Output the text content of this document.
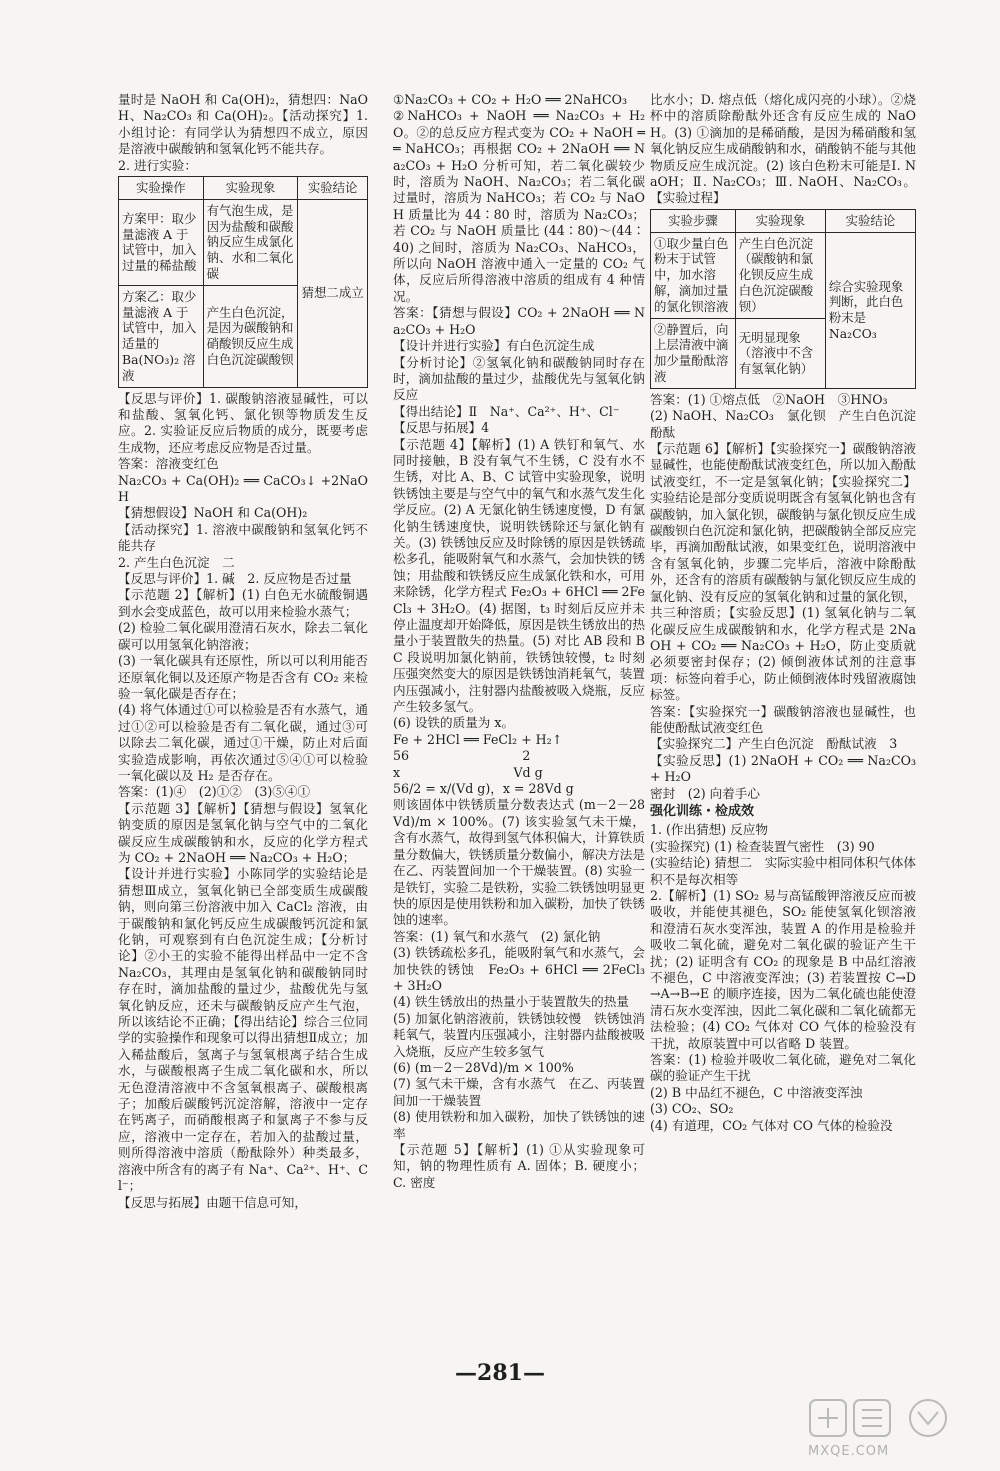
量时是 NaOH 和 Ca(OH)₂，猜想四：NaOH、Na₂CO₃ 和 Ca(OH)₂。【活动探究】1. 小组讨论：有同学认为猜想四不成立，原因是溶液中碳酸钠和氢氧化钙不能共存。
2. 进行实验：

实验操作	实验现象	实验结论
方案甲：取少量滤液 A 于试管中，加入过量的稀盐酸	有气泡生成，是因为盐酸和碳酸钠反应生成氯化钠、水和二氧化碳	猜想二成立
方案乙：取少量滤液 A 于试管中，加入适量的 Ba(NO₃)₂ 溶液	产生白色沉淀，是因为碳酸钠和硝酸钡反应生成白色沉淀碳酸钡	

【反思与评价】1. 碳酸钠溶液显碱性，可以和盐酸、氢氧化钙、氯化钡等物质发生反应。2. 实验证反应后物质的成分，既要考虑生成物，还应考虑反应物是否过量。
答案：溶液变红色
Na₂CO₃ + Ca(OH)₂ ══ CaCO₃↓ +2NaOH
【猜想假设】NaOH 和 Ca(OH)₂
【活动探究】1. 溶液中碳酸钠和氢氧化钙不能共存
2. 产生白色沉淀　二
【反思与评价】1. 碱　2. 反应物是否过量
【示范题 2】【解析】(1) 白色无水硫酸铜遇到水会变成蓝色，故可以用来检验水蒸气；
(2) 检验二氧化碳用澄清石灰水，除去二氧化碳可以用氢氧化钠溶液；
(3) 一氧化碳具有还原性，所以可以利用能否还原氧化铜以及还原产物是否含有 CO₂ 来检验一氧化碳是否存在；
(4) 将气体通过①可以检验是否有水蒸气，通过①②可以检验是否有二氧化碳，通过③可以除去二氧化碳，通过①干燥，防止对后面实验造成影响，再依次通过⑤④①可以检验一氧化碳以及 H₂ 是否存在。
答案：(1)④　(2)①②　(3)⑤④①
【示范题 3】【解析】【猜想与假设】氢氧化钠变质的原因是氢氧化钠与空气中的二氧化碳反应生成碳酸钠和水，反应的化学方程式为 CO₂ + 2NaOH ══ Na₂CO₃ + H₂O；
【设计并进行实验】小陈同学的实验结论是猜想Ⅲ成立，氢氧化钠已全部变质生成碳酸钠，则向第三份溶液中加入 CaCl₂ 溶液，由于碳酸钠和氯化钙反应生成碳酸钙沉淀和氯化钠，可观察到有白色沉淀生成；【分析讨论】②小王的实验不能得出样品中一定不含 Na₂CO₃，其理由是氢氧化钠和碳酸钠同时存在时，滴加盐酸的量过少，盐酸优先与氢氧化钠反应，还未与碳酸钠反应产生气泡，所以该结论不正确；【得出结论】综合三位同学的实验操作和现象可以得出猜想Ⅱ成立；加入稀盐酸后，氢离子与氢氧根离子结合生成水，与碳酸根离子生成二氧化碳和水，所以无色澄清溶液中不含氢氧根离子、碳酸根离子；加酸后碳酸钙沉淀溶解，溶液中一定存在钙离子，而硝酸根离子和氯离子不参与反应，溶液中一定存在，若加入的盐酸过量，则所得溶液中溶质（酚酞除外）种类最多，溶液中所含有的离子有 Na⁺、Ca²⁺、H⁺、Cl⁻；
【反思与拓展】由题干信息可知，

①Na₂CO₃ + CO₂ + H₂O ══ 2NaHCO₃
②NaHCO₃ + NaOH ══ Na₂CO₃ + H₂O。②的总反应方程式变为 CO₂ + NaOH ══ NaHCO₃；再根据 CO₂ + 2NaOH ══ Na₂CO₃ + H₂O 分析可知，若二氧化碳较少时，溶质为 NaOH、Na₂CO₃；若二氧化碳过量时，溶质为 NaHCO₃；若 CO₂ 与 NaOH 质量比为 44∶80 时，溶质为 Na₂CO₃；若 CO₂ 与 NaOH 质量比 (44∶80)～(44∶40) 之间时，溶质为 Na₂CO₃、NaHCO₃，所以向 NaOH 溶液中通入一定量的 CO₂ 气体，反应后所得溶液中溶质的组成有 4 种情况。
答案：【猜想与假设】CO₂ + 2NaOH ══ Na₂CO₃ + H₂O
【设计并进行实验】有白色沉淀生成
【分析讨论】②氢氧化钠和碳酸钠同时存在时，滴加盐酸的量过少，盐酸优先与氢氧化钠反应
【得出结论】Ⅱ　Na⁺、Ca²⁺、H⁺、Cl⁻
【反思与拓展】4
【示范题 4】【解析】(1) A 铁钉和氧气、水同时接触，B 没有氧气不生锈，C 没有水不生锈，对比 A、B、C 试管中实验现象，说明铁锈蚀主要是与空气中的氧气和水蒸气发生化学反应。(2) A 无氯化钠生锈速度慢，D 有氯化钠生锈速度快，说明铁锈除还与氯化钠有关。(3) 铁锈蚀反应及时除锈的原因是铁锈疏松多孔，能吸附氧气和水蒸气，会加快铁的锈蚀；用盐酸和铁锈反应生成氯化铁和水，可用来除锈，化学方程式 Fe₂O₃ + 6HCl ══ 2FeCl₃ + 3H₂O。(4) 据图，t₃ 时刻后反应并未停止温度却开始降低，原因是铁生锈放出的热量小于装置散失的热量。(5) 对比 AB 段和 BC 段说明加氯化钠前，铁锈蚀较慢，t₂ 时刻压强突然变大的原因是铁锈蚀消耗氧气，装置内压强减小，注射器内盐酸被吸入烧瓶，反应产生较多氢气。
(6) 设铁的质量为 x。
Fe + 2HCl ══ FeCl₂ + H₂↑
56　　　　　　　　　2
x　　　　　　　　　Vd g
56/2 = x/(Vd g)，x = 28Vd g
则该固体中铁锈质量分数表达式 (m－2－28Vd)/m × 100%。(7) 该实验氢气未干燥，含有水蒸气，故得到氢气体积偏大，计算铁质量分数偏大，铁锈质量分数偏小，解决方法是在乙、丙装置间加一个干燥装置。(8) 实验一是铁钉，实验二是铁粉，实验二铁锈蚀明显更快的原因是使用铁粉和加入碳粉，加快了铁锈蚀的速率。
答案：(1) 氧气和水蒸气　(2) 氯化钠
(3) 铁锈疏松多孔，能吸附氧气和水蒸气，会加快铁的锈蚀　Fe₂O₃ + 6HCl ══ 2FeCl₃ + 3H₂O
(4) 铁生锈放出的热量小于装置散失的热量
(5) 加氯化钠溶液前，铁锈蚀较慢　铁锈蚀消耗氧气，装置内压强减小，注射器内盐酸被吸入烧瓶，反应产生较多氢气
(6) (m－2－28Vd)/m × 100%
(7) 氢气未干燥，含有水蒸气　在乙、丙装置间加一干燥装置
(8) 使用铁粉和加入碳粉，加快了铁锈蚀的速率
【示范题 5】【解析】(1) ①从实验现象可知，钠的物理性质有 A. 固体；B. 硬度小；C. 密度

比水小；D. 熔点低（熔化成闪亮的小球）。②烧杯中的溶质除酚酞外还含有反应生成的 NaOH。(3) ①滴加的是稀硝酸，是因为稀硝酸和氢氧化钠反应生成硝酸钠和水，硝酸钠不能与其他物质反应生成沉淀。(2) 该白色粉末可能是Ⅰ. NaOH；Ⅱ. Na₂CO₃；Ⅲ. NaOH、Na₂CO₃。【实验过程】

实验步骤	实验现象	实验结论
①取少量白色粉末于试管中，加水溶解，滴加过量的氯化钡溶液	产生白色沉淀（碳酸钠和氯化钡反应生成白色沉淀碳酸钡）	综合实验现象判断，此白色粉末是 Na₂CO₃
②静置后，向上层清液中滴加少量酚酞溶液	无明显现象（溶液中不含有氢氧化钠）	

答案：(1) ①熔点低　②NaOH　③HNO₃
(2) NaOH、Na₂CO₃　氯化钡　产生白色沉淀　酚酞
【示范题 6】【解析】【实验探究一】碳酸钠溶液显碱性，也能使酚酞试液变红色，所以加入酚酞试液变红，不一定是氢氧化钠；【实验探究二】实验结论是部分变质说明既含有氢氧化钠也含有碳酸钠，加入氯化钡，碳酸钠与氯化钡反应生成碳酸钡白色沉淀和氯化钠，把碳酸钠全部反应完毕，再滴加酚酞试液，如果变红色，说明溶液中含有氢氧化钠，步骤二完毕后，溶液中除酚酞外，还含有的溶质有碳酸钠与氯化钡反应生成的氯化钠、没有反应的氢氧化钠和过量的氯化钡，共三种溶质；【实验反思】(1) 氢氧化钠与二氧化碳反应生成碳酸钠和水，化学方程式是 2NaOH + CO₂ ══ Na₂CO₃ + H₂O，防止变质就必须要密封保存；(2) 倾倒液体试剂的注意事项：标签向着手心，防止倾倒液体时残留液腐蚀标签。
答案：【实验探究一】碳酸钠溶液也显碱性，也能使酚酞试液变红色
【实验探究二】产生白色沉淀　酚酞试液　3
【实验反思】(1) 2NaOH + CO₂ ══ Na₂CO₃ + H₂O
密封　(2) 向着手心

强化训练・检成效

1. (作出猜想) 反应物
(实验探究) (1) 检查装置气密性　(3) 90
(实验结论) 猜想二　实际实验中相同体积气体体积不是每次相等
2.【解析】(1) SO₂ 易与高锰酸钾溶液反应而被吸收，并能使其褪色，SO₂ 能使氢氧化钡溶液和澄清石灰水变浑浊，装置 A 的作用是检验并吸收二氧化硫，避免对二氧化碳的验证产生干扰；(2) 证明含有 CO₂ 的现象是 B 中品红溶液不褪色，C 中溶液变浑浊；(3) 若装置按 C→D→A→B→E 的顺序连接，因为二氧化硫也能使澄清石灰水变浑浊，因此二氧化碳和二氧化硫都无法检验；(4) CO₂ 气体对 CO 气体的检验没有干扰，故原装置中可以省略 D 装置。
答案：(1) 检验并吸收二氧化硫，避免对二氧化碳的验证产生干扰
(2) B 中品红不褪色，C 中溶液变浑浊
(3) CO₂、SO₂
(4) 有道理，CO₂ 气体对 CO 气体的检验没

—281—
MXQE.COM
